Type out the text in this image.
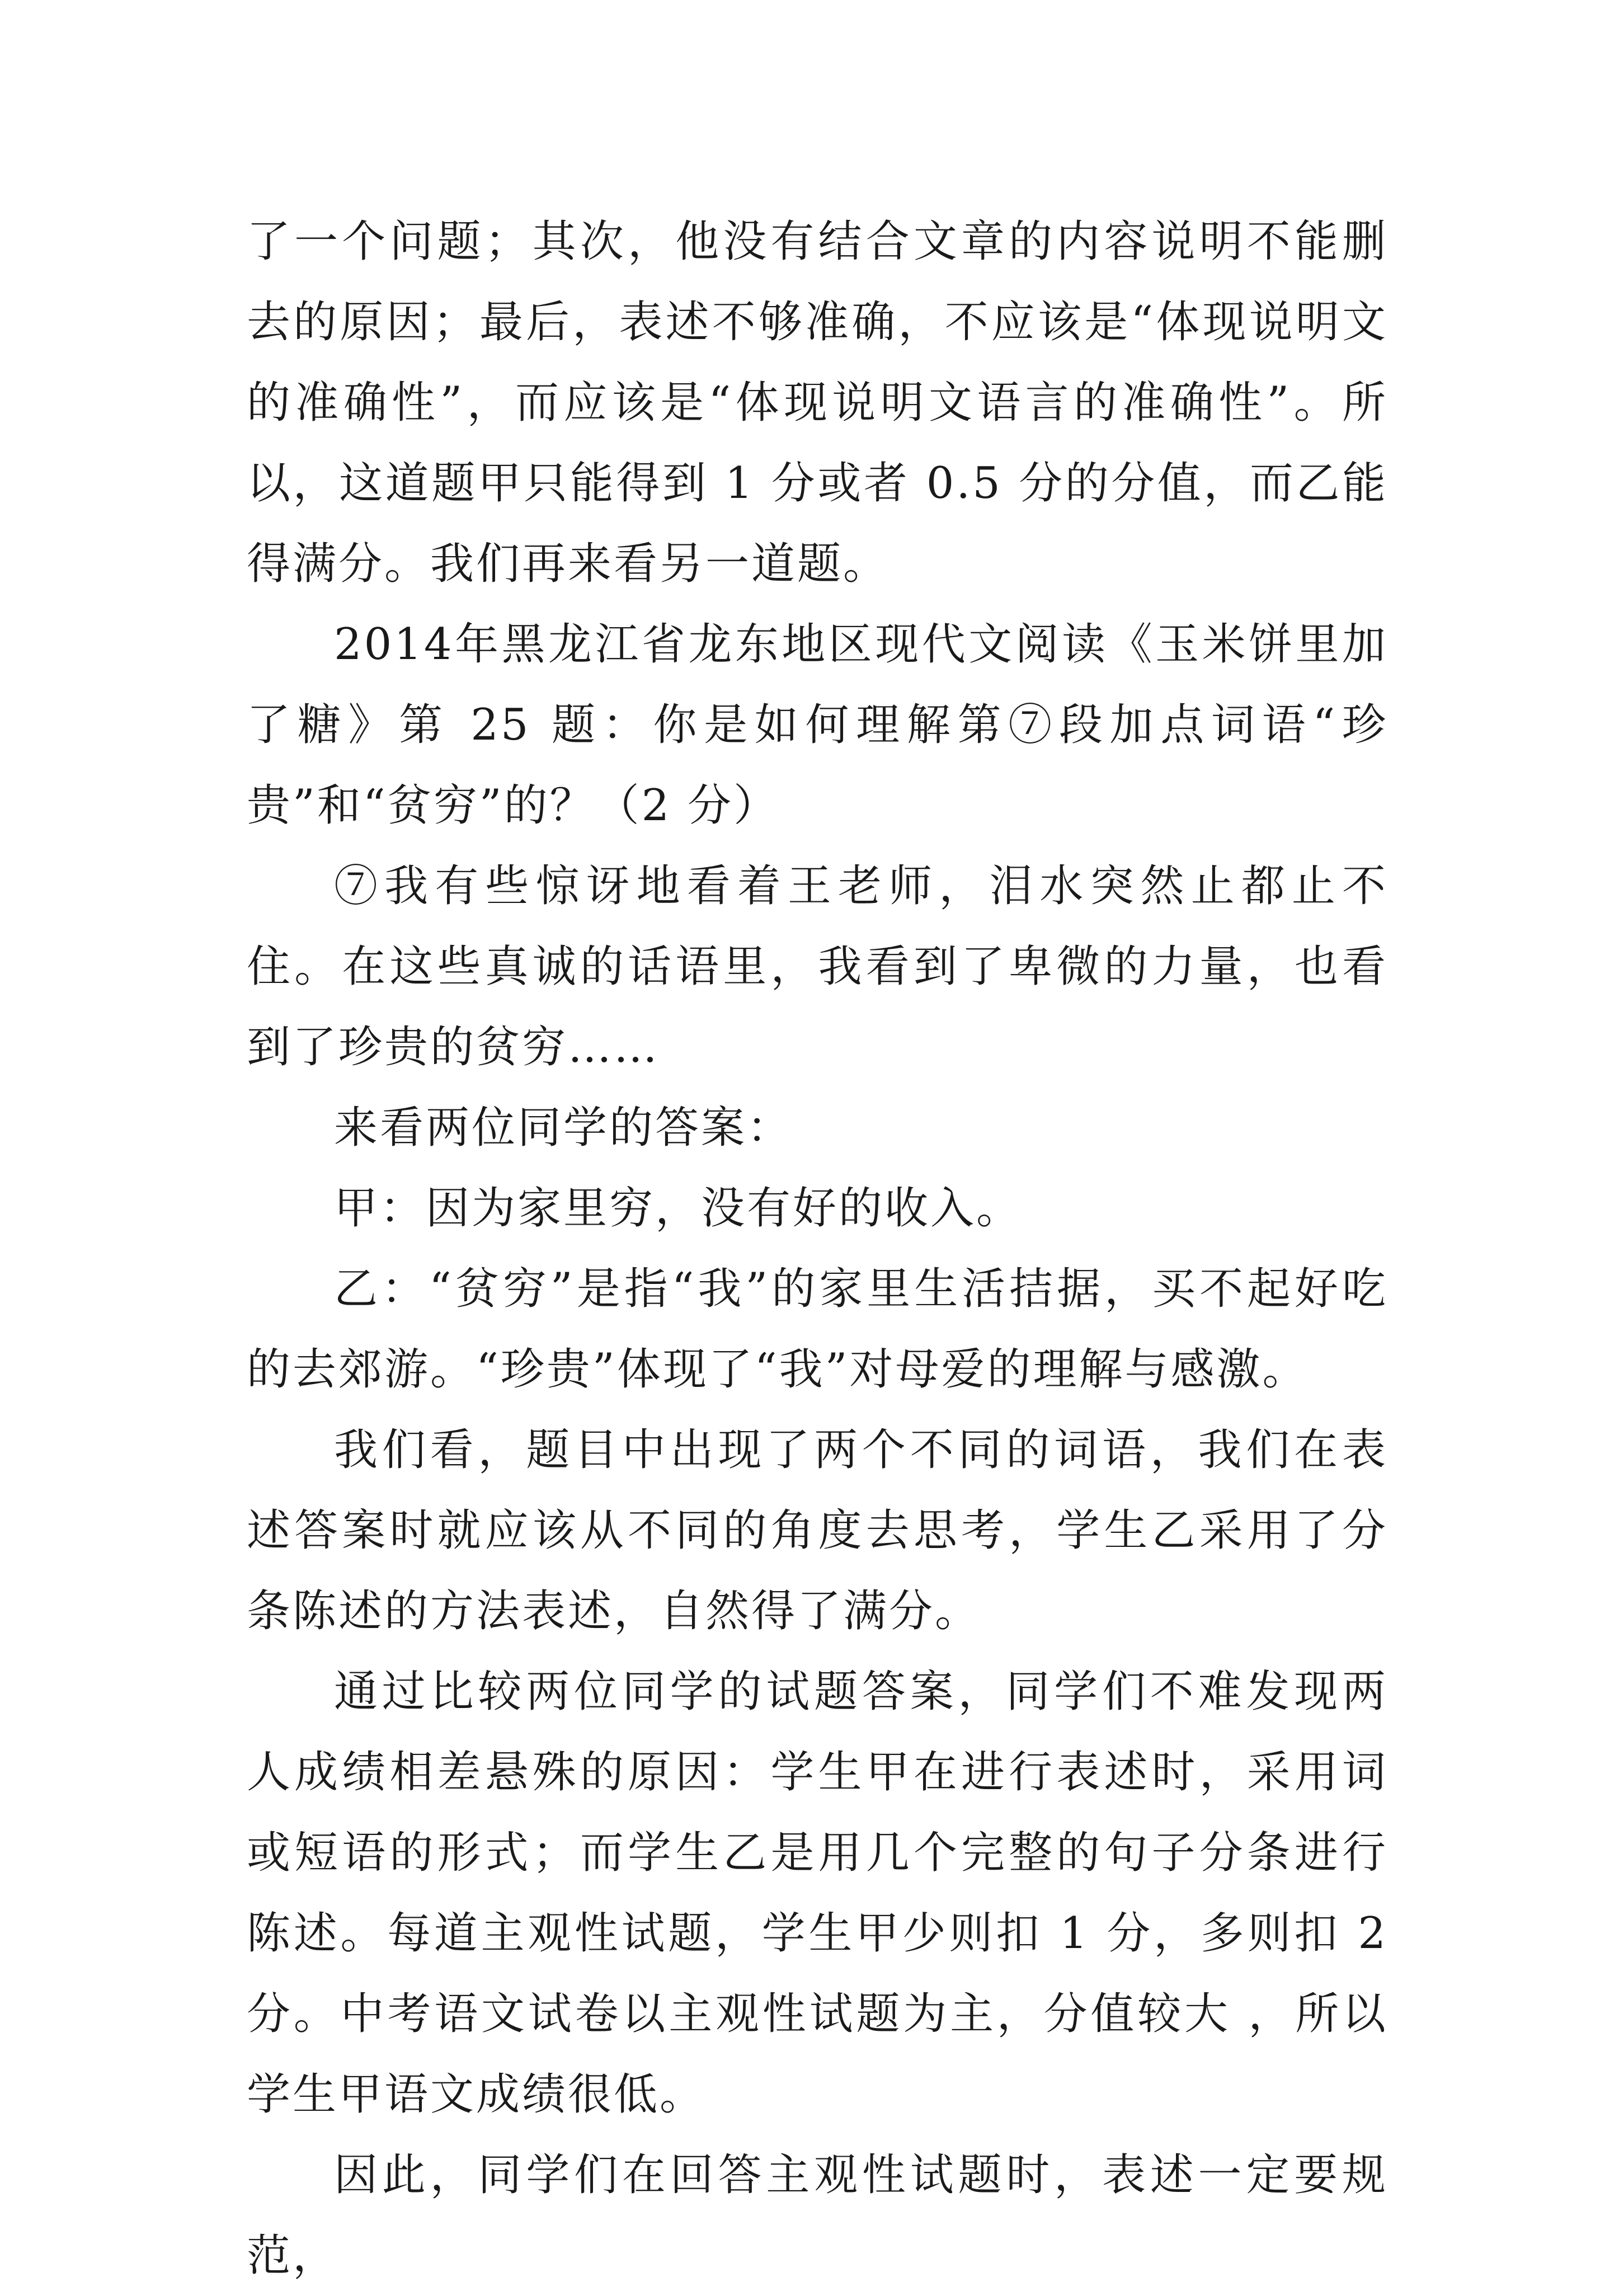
了一个问题；其次，他没有结合文章的内容说明不能删去的原因；最后，表述不够准确，不应该是“体现说明文的准确性”，而应该是“体现说明文语言的准确性”。所以，这道题甲只能得到 1 分或者 0.5 分的分值，而乙能得满分。我们再来看另一道题。

2014年黑龙江省龙东地区现代文阅读《玉米饼里加了糖》第 25 题：你是如何理解第⑦段加点词语“珍贵”和“贫穷”的？（2 分）

⑦我有些惊讶地看着王老师，泪水突然止都止不住。在这些真诚的话语里，我看到了卑微的力量，也看到了珍贵的贫穷……

来看两位同学的答案：

甲：因为家里穷，没有好的收入。

乙：“贫穷”是指“我”的家里生活拮据，买不起好吃的去郊游。“珍贵”体现了“我”对母爱的理解与感激。

我们看，题目中出现了两个不同的词语，我们在表述答案时就应该从不同的角度去思考，学生乙采用了分条陈述的方法表述，自然得了满分。

通过比较两位同学的试题答案，同学们不难发现两人成绩相差悬殊的原因：学生甲在进行表述时，采用词或短语的形式；而学生乙是用几个完整的句子分条进行陈述。每道主观性试题，学生甲少则扣 1 分，多则扣 2 分。中考语文试卷以主观性试题为主，分值较大 ，所以学生甲语文成绩很低。

因此，同学们在回答主观性试题时，表述一定要规范，
